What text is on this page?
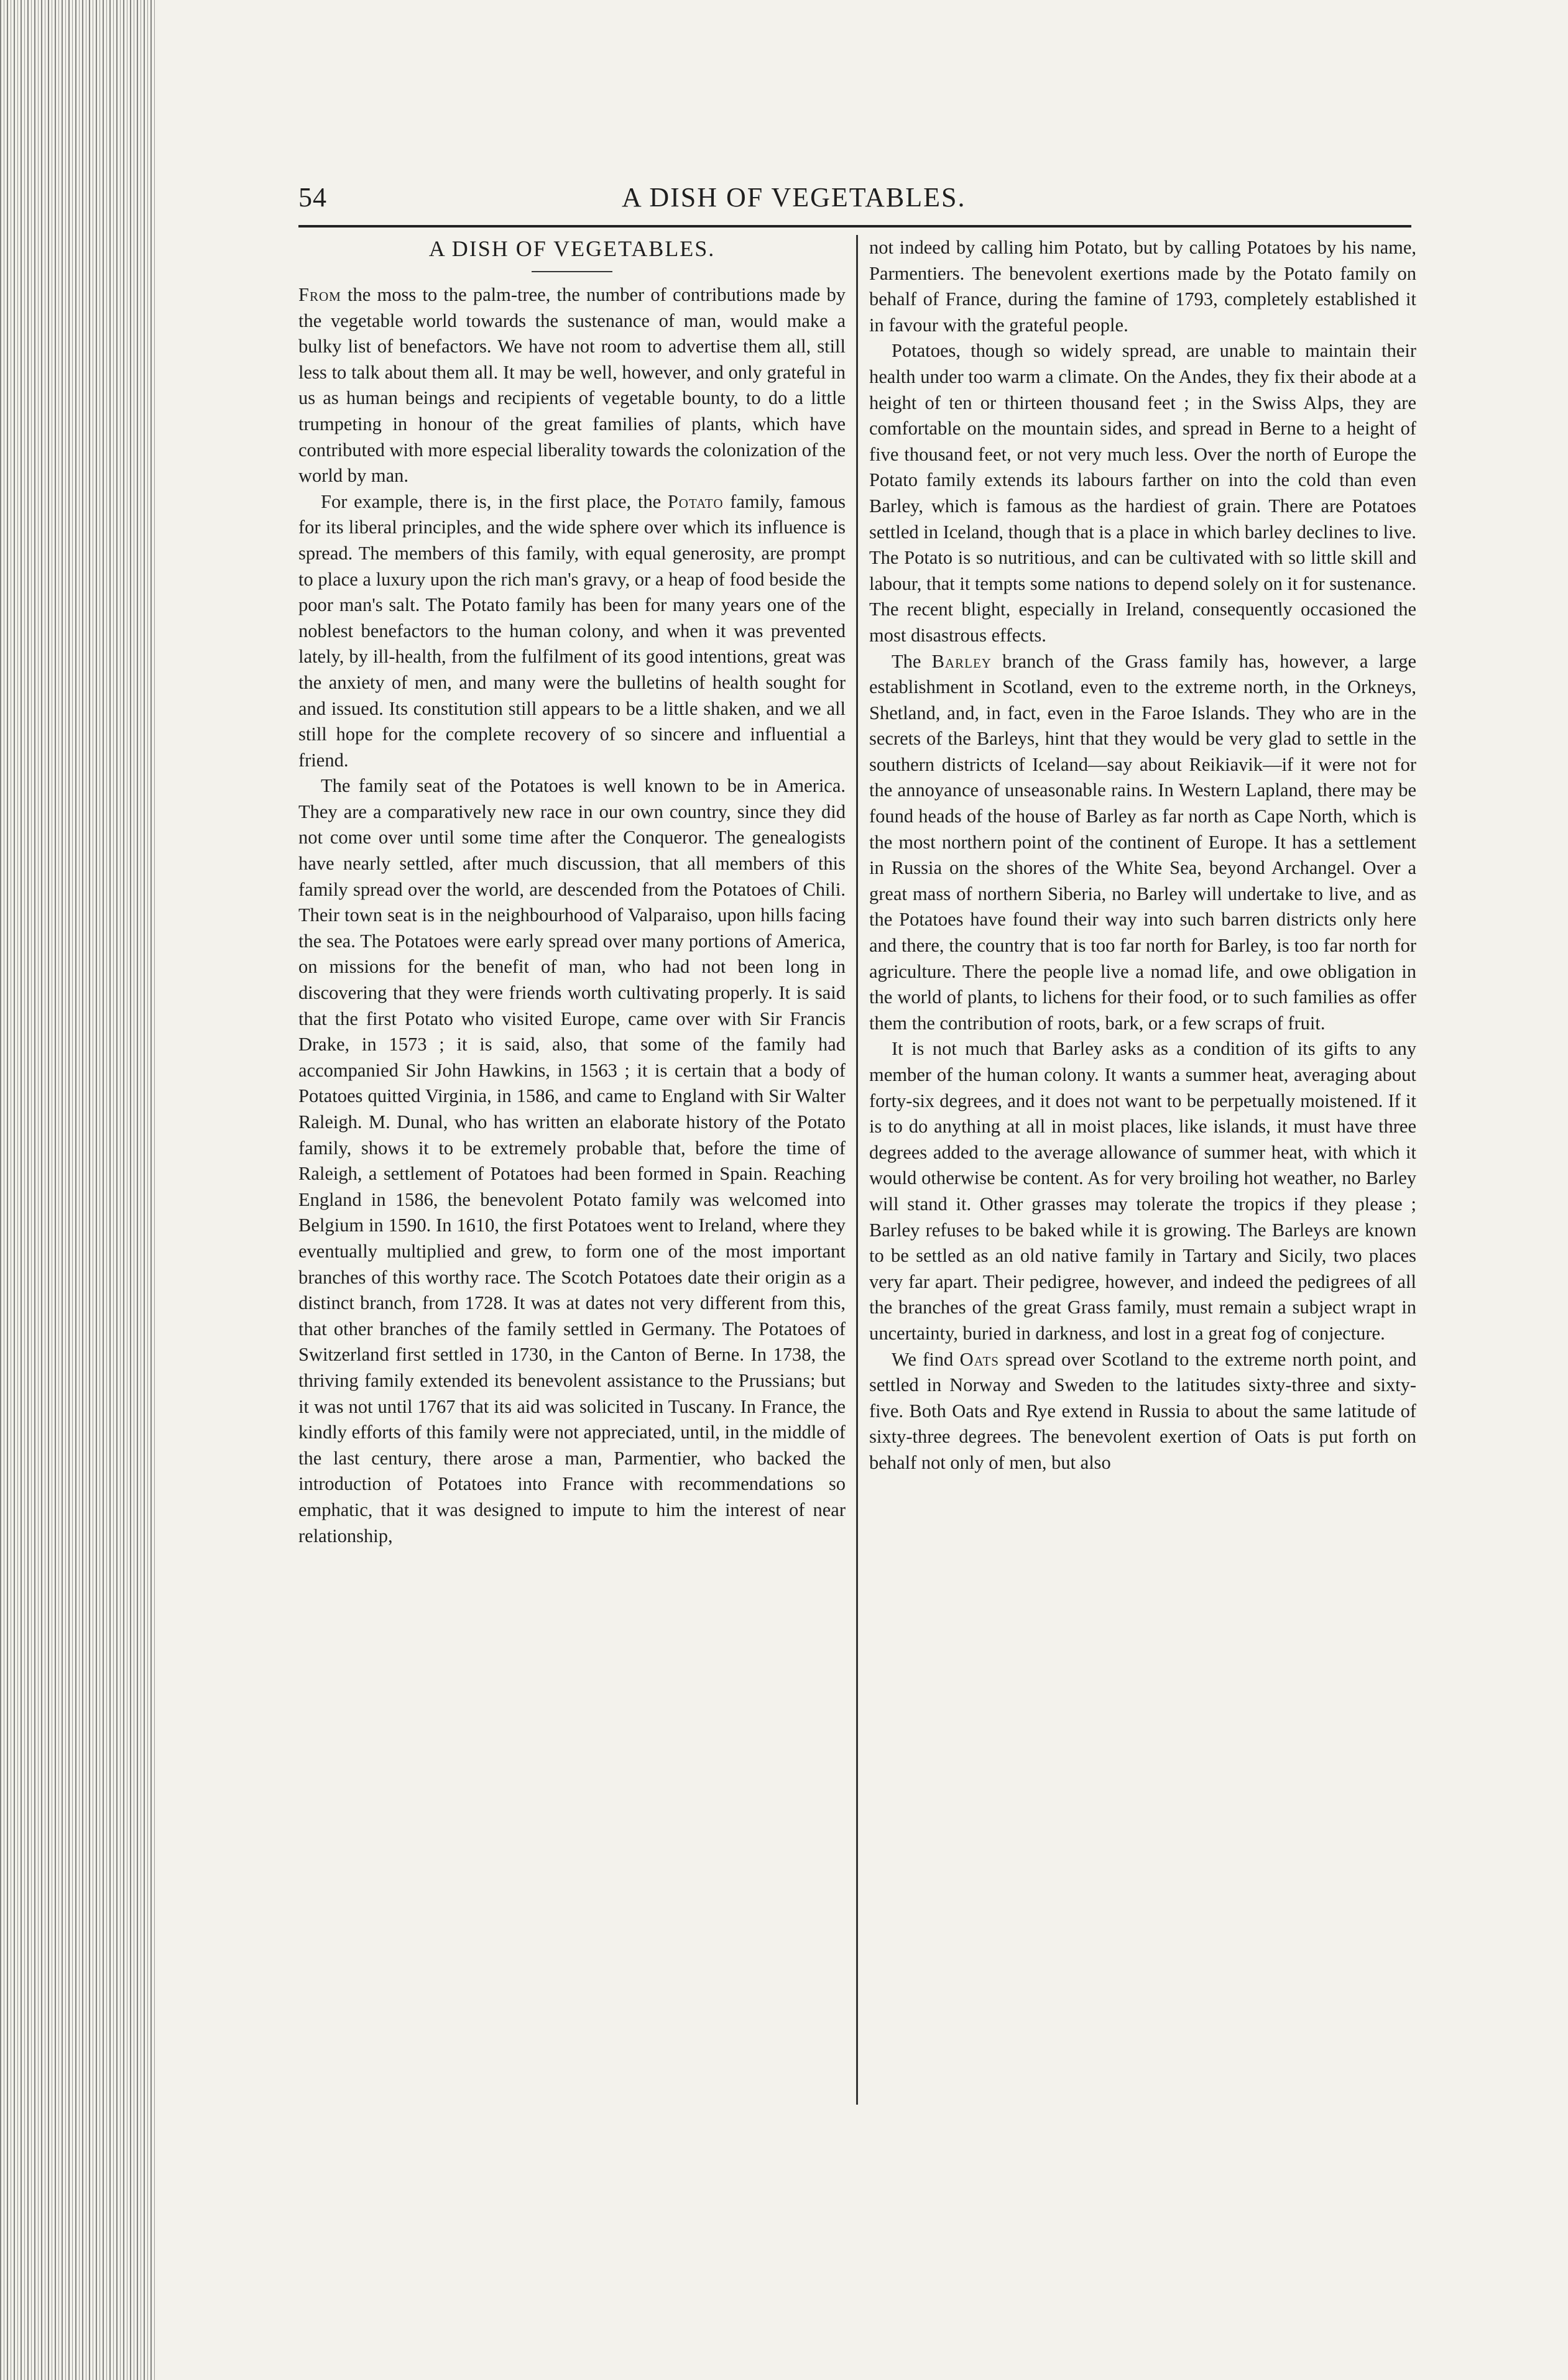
54	A DISH OF VEGETABLES.
A DISH OF VEGETABLES.

From the moss to the palm-tree, the number of contributions made by the vegetable world towards the sustenance of man, would make a bulky list of benefactors. We have not room to advertise them all, still less to talk about them all. It may be well, however, and only grateful in us as human beings and recipients of vegetable bounty, to do a little trumpeting in honour of the great families of plants, which have contributed with more especial liberality towards the colonization of the world by man.

For example, there is, in the first place, the Potato family, famous for its liberal principles, and the wide sphere over which its influence is spread. The members of this family, with equal generosity, are prompt to place a luxury upon the rich man's gravy, or a heap of food beside the poor man's salt. The Potato family has been for many years one of the noblest benefactors to the human colony, and when it was prevented lately, by ill-health, from the fulfilment of its good intentions, great was the anxiety of men, and many were the bulletins of health sought for and issued. Its constitution still appears to be a little shaken, and we all still hope for the complete recovery of so sincere and influential a friend.

The family seat of the Potatoes is well known to be in America. They are a comparatively new race in our own country, since they did not come over until some time after the Conqueror. The genealogists have nearly settled, after much discussion, that all members of this family spread over the world, are descended from the Potatoes of Chili. Their town seat is in the neighbourhood of Valparaiso, upon hills facing the sea. The Potatoes were early spread over many portions of America, on missions for the benefit of man, who had not been long in discovering that they were friends worth cultivating properly. It is said that the first Potato who visited Europe, came over with Sir Francis Drake, in 1573 ; it is said, also, that some of the family had accompanied Sir John Hawkins, in 1563 ; it is certain that a body of Potatoes quitted Virginia, in 1586, and came to England with Sir Walter Raleigh. M. Dunal, who has written an elaborate history of the Potato family, shows it to be extremely probable that, before the time of Raleigh, a settlement of Potatoes had been formed in Spain. Reaching England in 1586, the benevolent Potato family was welcomed into Belgium in 1590. In 1610, the first Potatoes went to Ireland, where they eventually multiplied and grew, to form one of the most important branches of this worthy race. The Scotch Potatoes date their origin as a distinct branch, from 1728. It was at dates not very different from this, that other branches of the family settled in Germany. The Potatoes of Switzerland first settled in 1730, in the Canton of Berne. In 1738, the thriving family extended its benevolent assistance to the Prussians; but it was not until 1767 that its aid was solicited in Tuscany. In France, the kindly efforts of this family were not appreciated, until, in the middle of the last century, there arose a man, Parmentier, who backed the introduction of Potatoes into France with recommendations so emphatic, that it was designed to impute to him the interest of near relationship,

not indeed by calling him Potato, but by calling Potatoes by his name, Parmentiers. The benevolent exertions made by the Potato family on behalf of France, during the famine of 1793, completely established it in favour with the grateful people.

Potatoes, though so widely spread, are unable to maintain their health under too warm a climate. On the Andes, they fix their abode at a height of ten or thirteen thousand feet ; in the Swiss Alps, they are comfortable on the mountain sides, and spread in Berne to a height of five thousand feet, or not very much less. Over the north of Europe the Potato family extends its labours farther on into the cold than even Barley, which is famous as the hardiest of grain. There are Potatoes settled in Iceland, though that is a place in which barley declines to live. The Potato is so nutritious, and can be cultivated with so little skill and labour, that it tempts some nations to depend solely on it for sustenance. The recent blight, especially in Ireland, consequently occasioned the most disastrous effects.

The Barley branch of the Grass family has, however, a large establishment in Scotland, even to the extreme north, in the Orkneys, Shetland, and, in fact, even in the Faroe Islands. They who are in the secrets of the Barleys, hint that they would be very glad to settle in the southern districts of Iceland—say about Reikiavik—if it were not for the annoyance of unseasonable rains. In Western Lapland, there may be found heads of the house of Barley as far north as Cape North, which is the most northern point of the continent of Europe. It has a settlement in Russia on the shores of the White Sea, beyond Archangel. Over a great mass of northern Siberia, no Barley will undertake to live, and as the Potatoes have found their way into such barren districts only here and there, the country that is too far north for Barley, is too far north for agriculture. There the people live a nomad life, and owe obligation in the world of plants, to lichens for their food, or to such families as offer them the contribution of roots, bark, or a few scraps of fruit.

It is not much that Barley asks as a condition of its gifts to any member of the human colony. It wants a summer heat, averaging about forty-six degrees, and it does not want to be perpetually moistened. If it is to do anything at all in moist places, like islands, it must have three degrees added to the average allowance of summer heat, with which it would otherwise be content. As for very broiling hot weather, no Barley will stand it. Other grasses may tolerate the tropics if they please ; Barley refuses to be baked while it is growing. The Barleys are known to be settled as an old native family in Tartary and Sicily, two places very far apart. Their pedigree, however, and indeed the pedigrees of all the branches of the great Grass family, must remain a subject wrapt in uncertainty, buried in darkness, and lost in a great fog of conjecture.

We find Oats spread over Scotland to the extreme north point, and settled in Norway and Sweden to the latitudes sixty-three and sixty-five. Both Oats and Rye extend in Russia to about the same latitude of sixty-three degrees. The benevolent exertion of Oats is put forth on behalf not only of men, but also
